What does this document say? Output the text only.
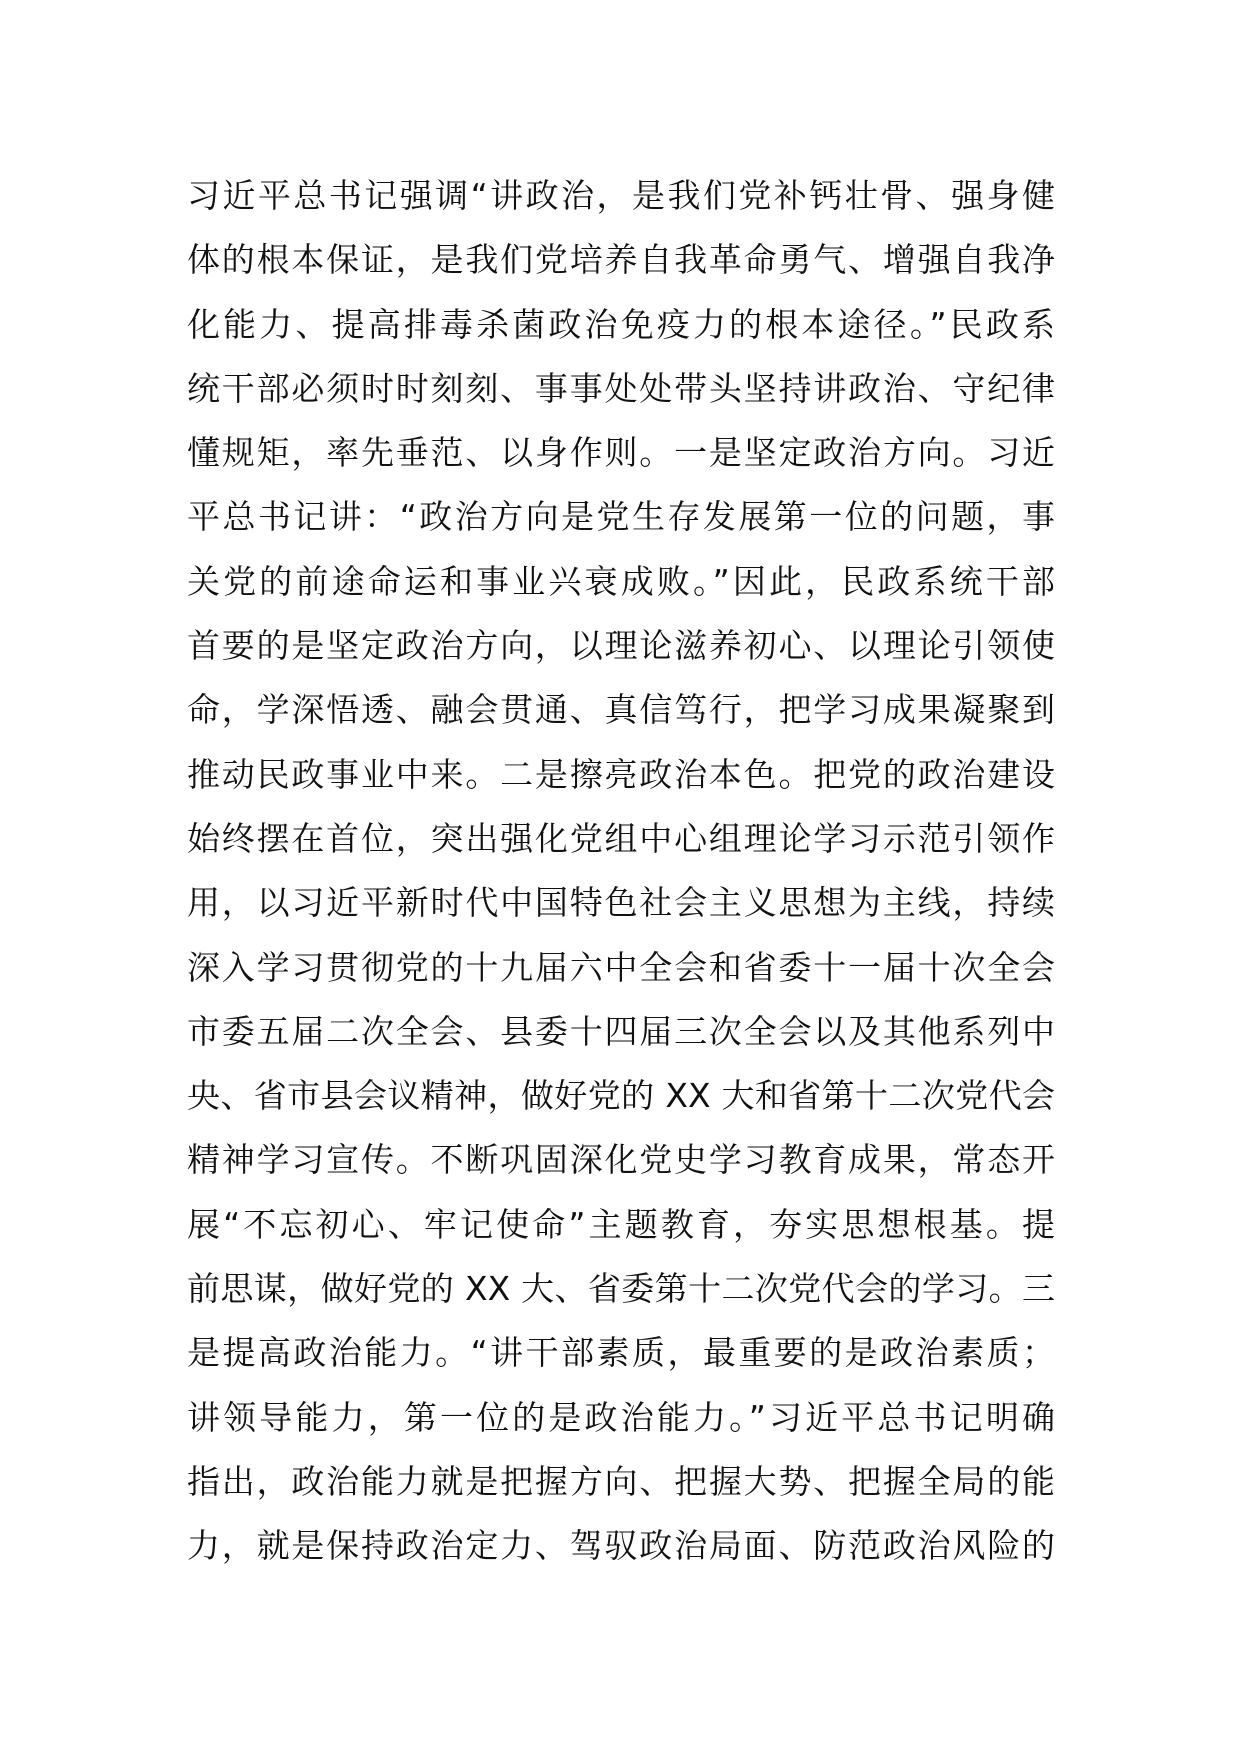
习近平总书记强调“讲政治，是我们党补钙壮骨、强身健
体的根本保证，是我们党培养自我革命勇气、增强自我净
化能力、提高排毒杀菌政治免疫力的根本途径。”民政系
统干部必须时时刻刻、事事处处带头坚持讲政治、守纪律
懂规矩，率先垂范、以身作则。一是坚定政治方向。习近
平总书记讲：“政治方向是党生存发展第一位的问题，事
关党的前途命运和事业兴衰成败。”因此，民政系统干部
首要的是坚定政治方向，以理论滋养初心、以理论引领使
命，学深悟透、融会贯通、真信笃行，把学习成果凝聚到
推动民政事业中来。二是擦亮政治本色。把党的政治建设
始终摆在首位，突出强化党组中心组理论学习示范引领作
用，以习近平新时代中国特色社会主义思想为主线，持续
深入学习贯彻党的十九届六中全会和省委十一届十次全会
市委五届二次全会、县委十四届三次全会以及其他系列中
央、省市县会议精神，做好党的 XX 大和省第十二次党代会
精神学习宣传。不断巩固深化党史学习教育成果，常态开
展“不忘初心、牢记使命”主题教育，夯实思想根基。提
前思谋，做好党的 XX 大、省委第十二次党代会的学习。三
是提高政治能力。“讲干部素质，最重要的是政治素质；
讲领导能力，第一位的是政治能力。”习近平总书记明确
指出，政治能力就是把握方向、把握大势、把握全局的能
力，就是保持政治定力、驾驭政治局面、防范政治风险的
